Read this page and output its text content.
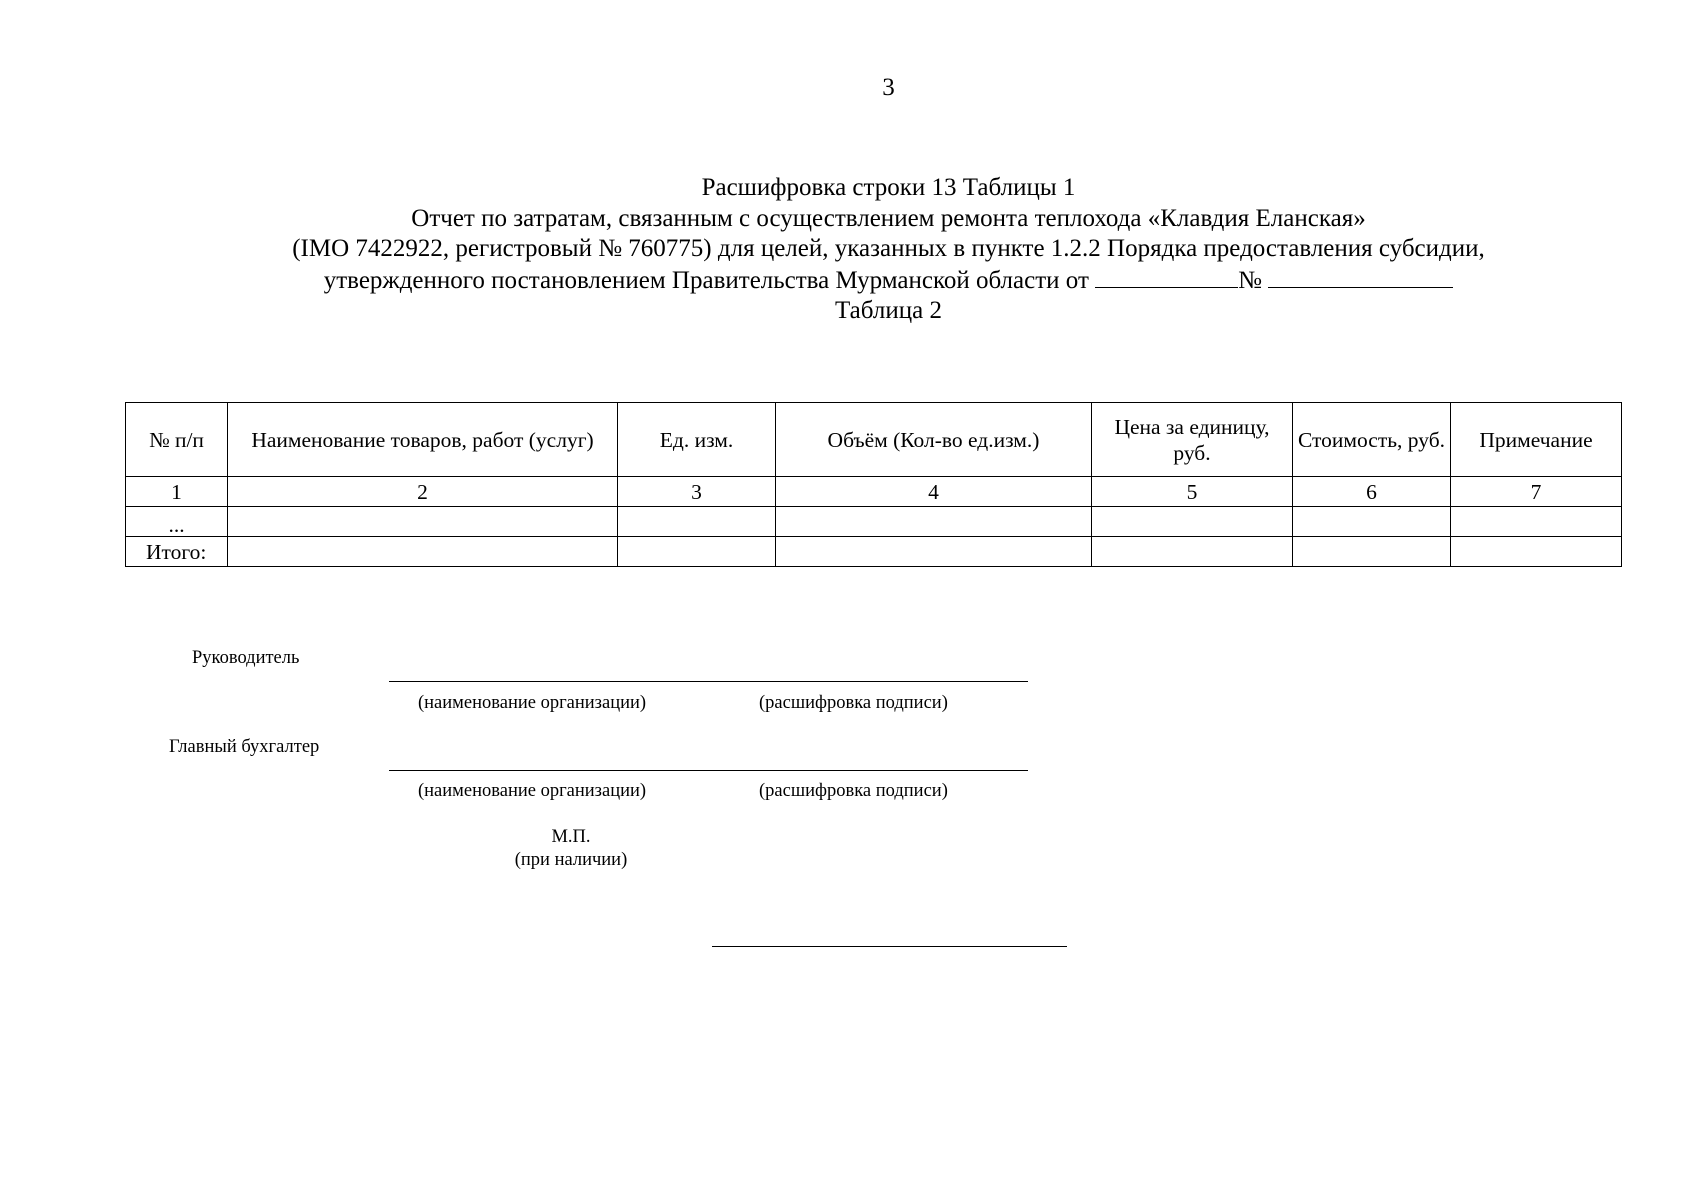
3
Расшифровка строки 13 Таблицы 1
Отчет по затратам, связанным с осуществлением ремонта теплохода «Клавдия Еланская»
(IMO 7422922, регистровый № 760775) для целей, указанных в пункте 1.2.2 Порядка предоставления субсидии,
утвержденного постановлением Правительства Мурманской области от	№
Таблица 2
№ п/п	Наименование товаров, работ (услуг)	Ед. изм.	Объём (Кол-во ед.изм.)	Цена за единицу, руб.	Стоимость, руб.	Примечание
1	2	3	4	5	6	7
...						
Итого:						
Руководитель
(наименование организации)	(расшифровка подписи)
Главный бухгалтер
(наименование организации)	(расшифровка подписи)
М.П.
(при наличии)
